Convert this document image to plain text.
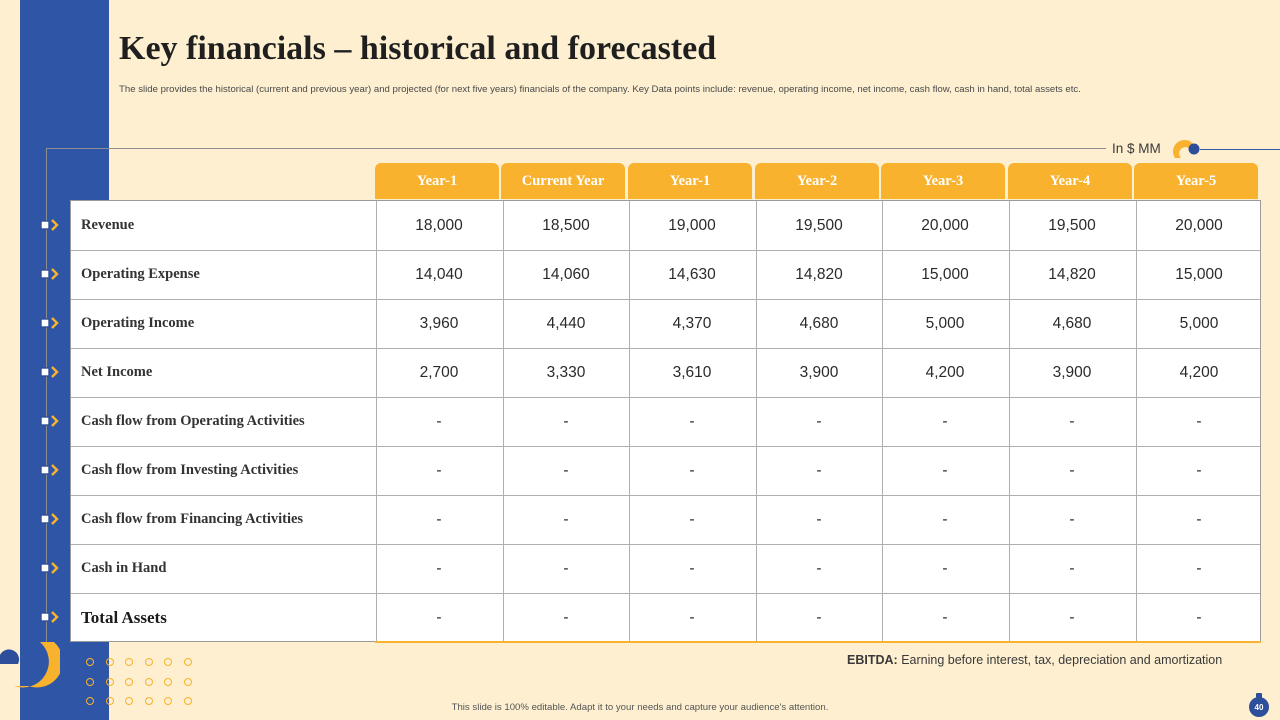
Key financials – historical and forecasted
The slide provides the historical (current and previous year) and projected (for next five years) financials of the company. Key Data points include: revenue, operating income, net income, cash flow, cash in hand, total assets etc.
In $ MM
Year-1	Current Year	Year-1	Year-2	Year-3	Year-4	Year-5
Revenue	18,000	18,500	19,000	19,500	20,000	19,500	20,000
Operating Expense	14,040	14,060	14,630	14,820	15,000	14,820	15,000
Operating Income	3,960	4,440	4,370	4,680	5,000	4,680	5,000
Net Income	2,700	3,330	3,610	3,900	4,200	3,900	4,200
Cash flow from Operating Activities	-	-	-	-	-	-	-
Cash flow from Investing Activities	-	-	-	-	-	-	-
Cash flow from Financing Activities	-	-	-	-	-	-	-
Cash in Hand	-	-	-	-	-	-	-
Total Assets	-	-	-	-	-	-	-
EBITDA: Earning before interest, tax, depreciation and amortization
This slide is 100% editable. Adapt it to your needs and capture your audience's attention.	40
